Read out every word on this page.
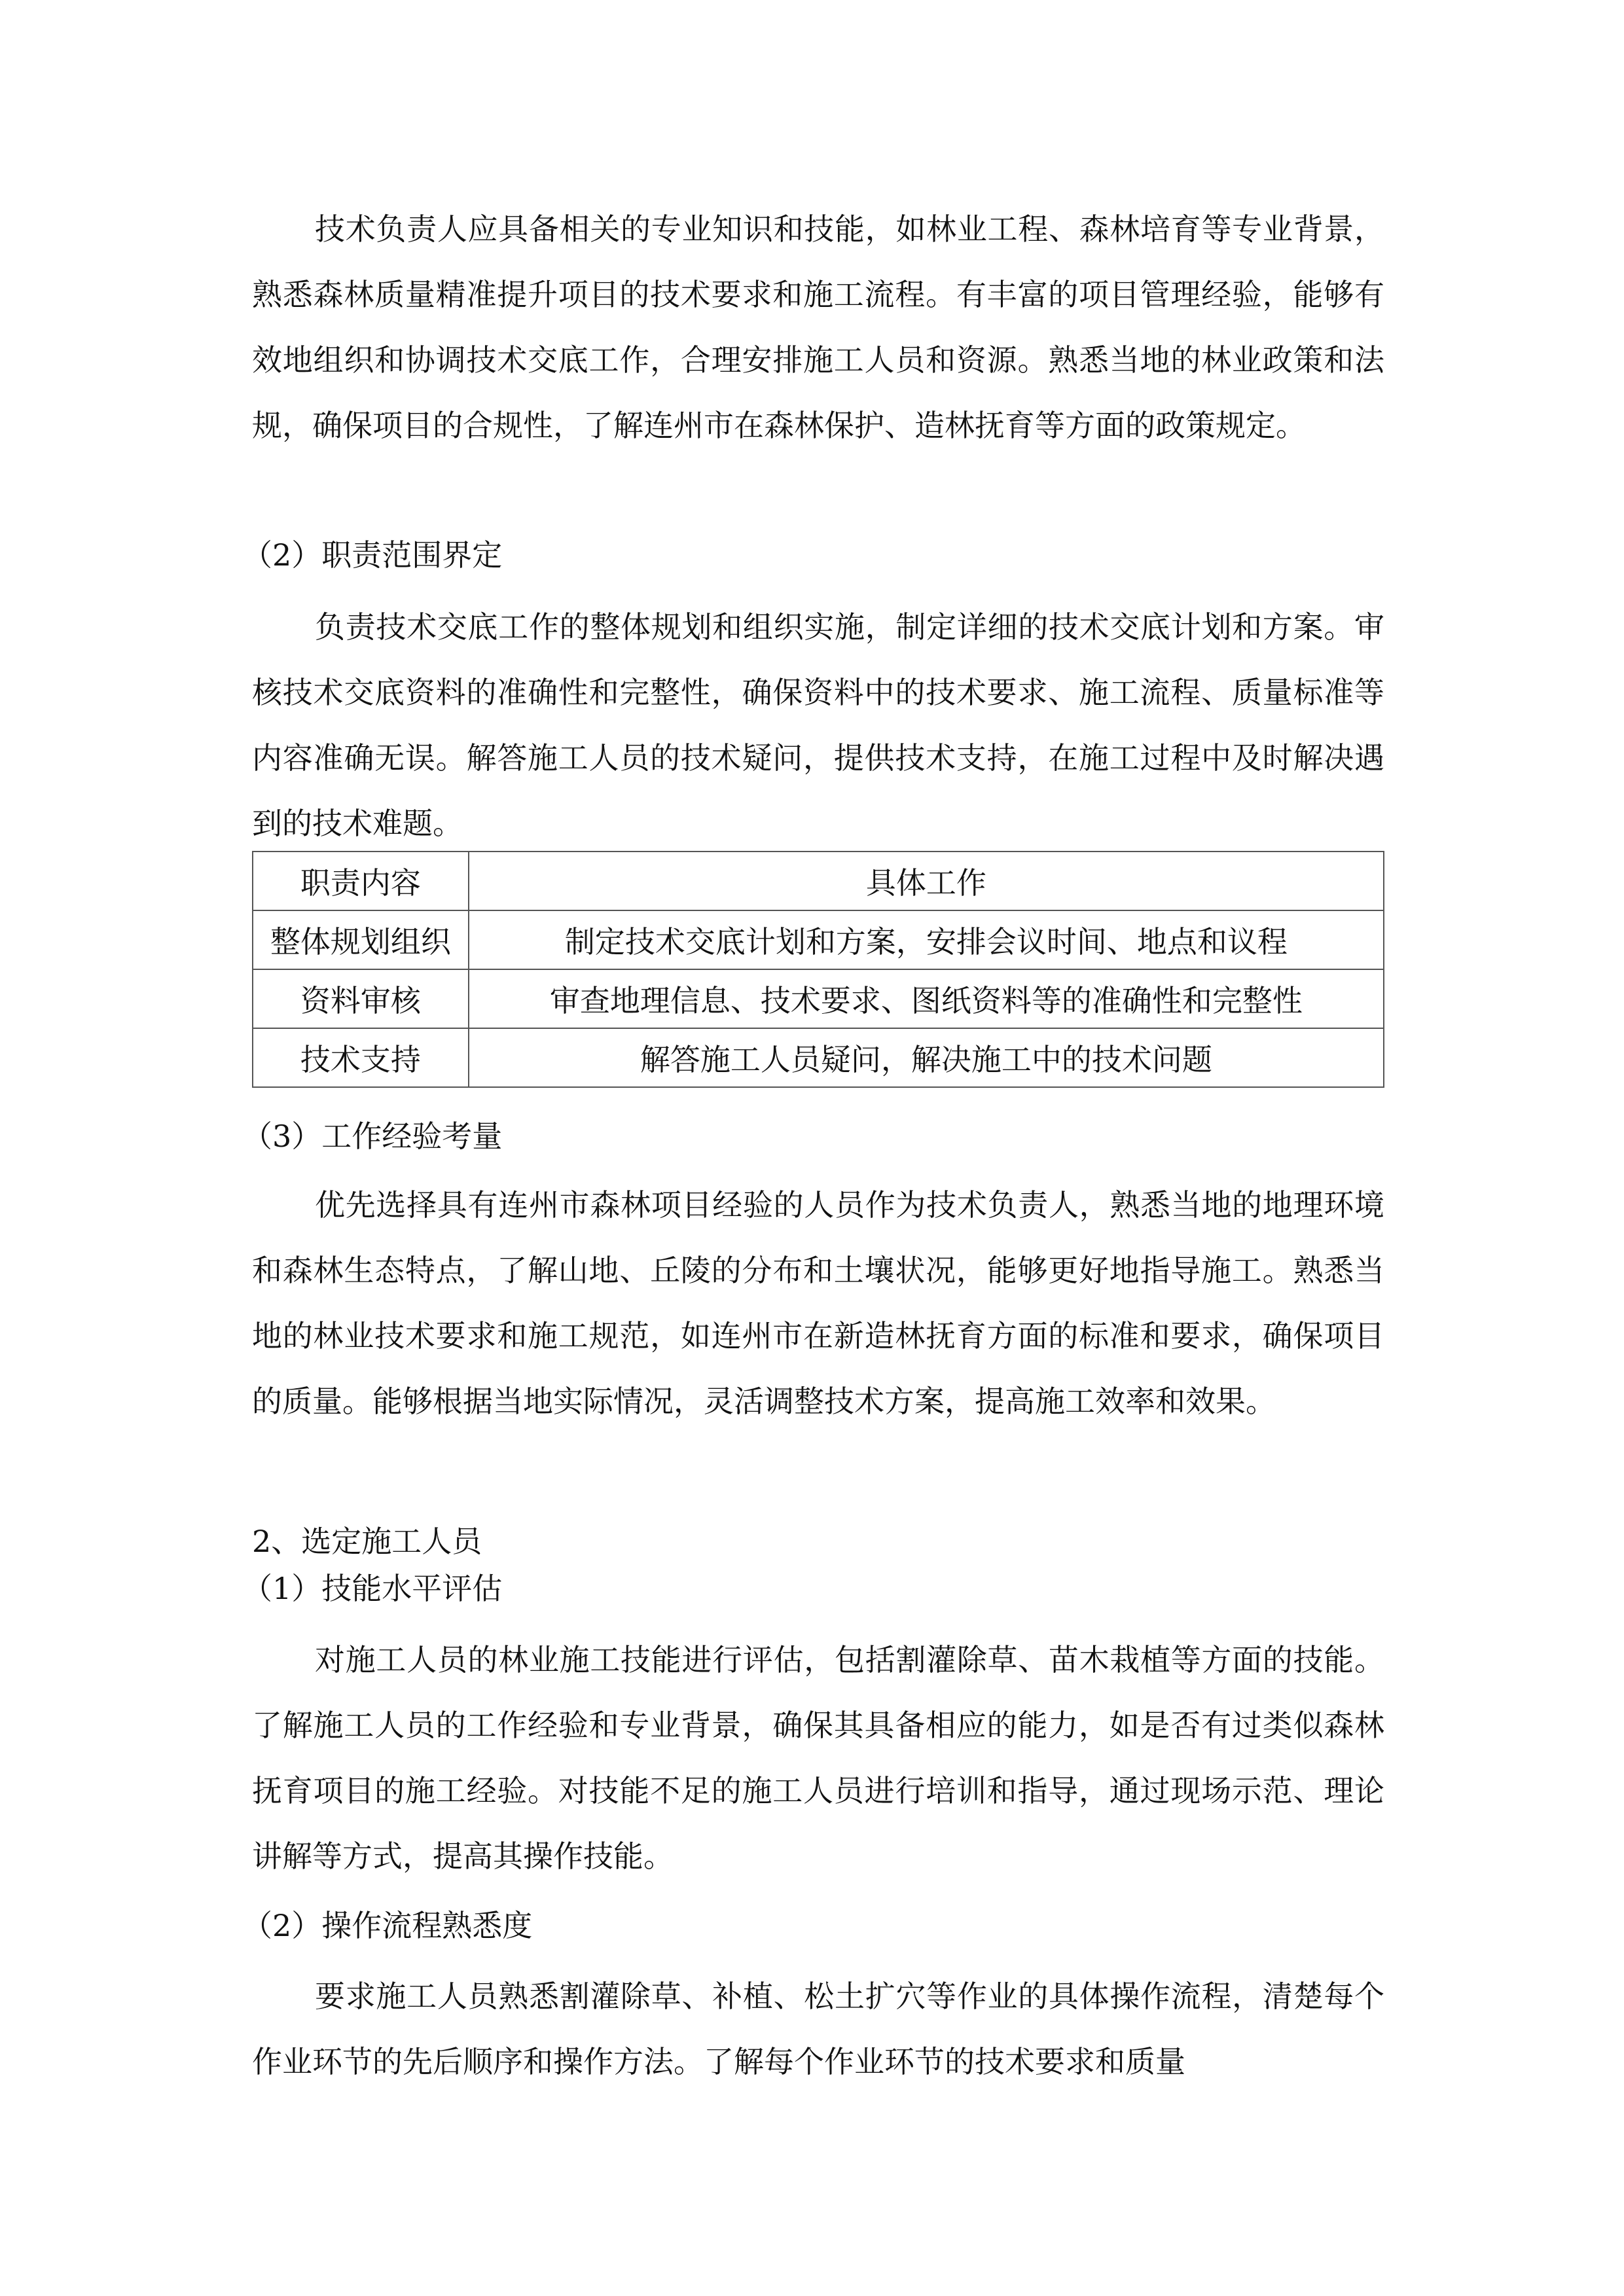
技术负责人应具备相关的专业知识和技能，如林业工程、森林培育等专业背景，熟悉森林质量精准提升项目的技术要求和施工流程。有丰富的项目管理经验，能够有效地组织和协调技术交底工作，合理安排施工人员和资源。熟悉当地的林业政策和法规，确保项目的合规性，了解连州市在森林保护、造林抚育等方面的政策规定。

（2）职责范围界定

负责技术交底工作的整体规划和组织实施，制定详细的技术交底计划和方案。审核技术交底资料的准确性和完整性，确保资料中的技术要求、施工流程、质量标准等内容准确无误。解答施工人员的技术疑问，提供技术支持，在施工过程中及时解决遇到的技术难题。

职责内容	具体工作
整体规划组织	制定技术交底计划和方案，安排会议时间、地点和议程
资料审核	审查地理信息、技术要求、图纸资料等的准确性和完整性
技术支持	解答施工人员疑问，解决施工中的技术问题

（3）工作经验考量

优先选择具有连州市森林项目经验的人员作为技术负责人，熟悉当地的地理环境和森林生态特点，了解山地、丘陵的分布和土壤状况，能够更好地指导施工。熟悉当地的林业技术要求和施工规范，如连州市在新造林抚育方面的标准和要求，确保项目的质量。能够根据当地实际情况，灵活调整技术方案，提高施工效率和效果。

2、选定施工人员

（1）技能水平评估

对施工人员的林业施工技能进行评估，包括割灌除草、苗木栽植等方面的技能。了解施工人员的工作经验和专业背景，确保其具备相应的能力，如是否有过类似森林抚育项目的施工经验。对技能不足的施工人员进行培训和指导，通过现场示范、理论讲解等方式，提高其操作技能。

（2）操作流程熟悉度

要求施工人员熟悉割灌除草、补植、松土扩穴等作业的具体操作流程，清楚每个作业环节的先后顺序和操作方法。了解每个作业环节的技术要求和质量
